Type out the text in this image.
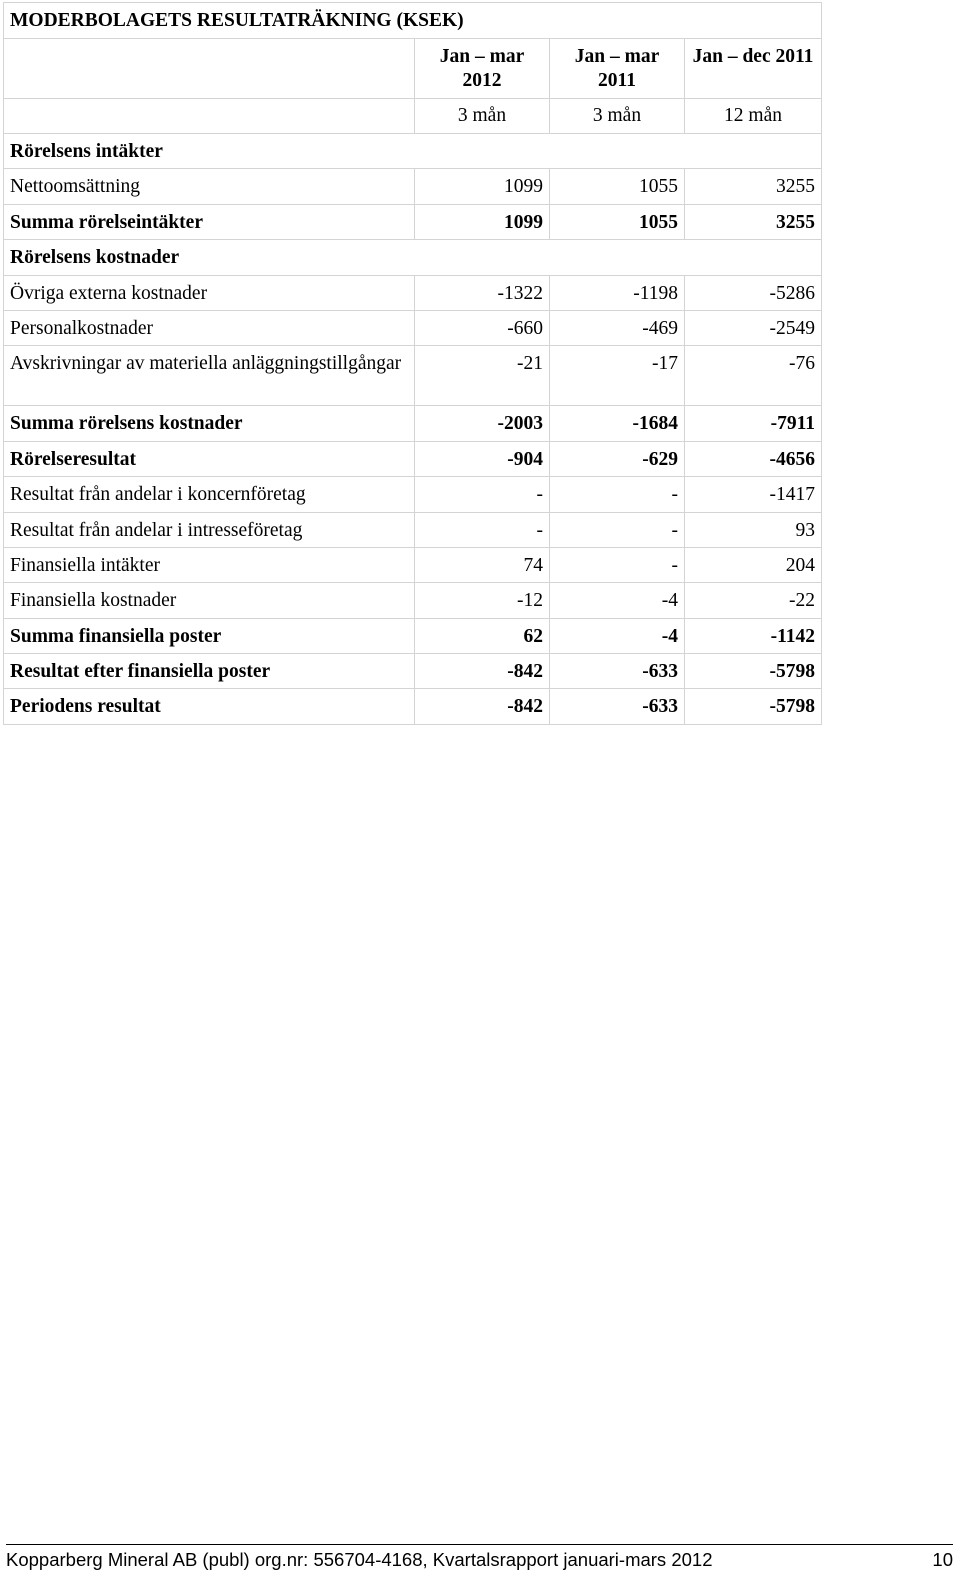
MODERBOLAGETS RESULTATRÄKNING (KSEK)			
	Jan – mar 2012	Jan – mar 2011	Jan – dec 2011
	3 mån	3 mån	12 mån
Rörelsens intäkter			
Nettoomsättning	1099	1055	3255
Summa rörelseintäkter	1099	1055	3255
Rörelsens kostnader			
Övriga externa kostnader	-1322	-1198	-5286
Personalkostnader	-660	-469	-2549
Avskrivningar av materiella anläggningstillgångar	-21	-17	-76
Summa rörelsens kostnader	-2003	-1684	-7911
Rörelseresultat	-904	-629	-4656
Resultat från andelar i koncernföretag	-	-	-1417
Resultat från andelar i intresseföretag	-	-	93
Finansiella intäkter	74	-	204
Finansiella kostnader	-12	-4	-22
Summa finansiella poster	62	-4	-1142
Resultat efter finansiella poster	-842	-633	-5798
Periodens resultat	-842	-633	-5798
Kopparberg Mineral AB (publ) org.nr: 556704-4168, Kvartalsrapport januari-mars 2012	10
